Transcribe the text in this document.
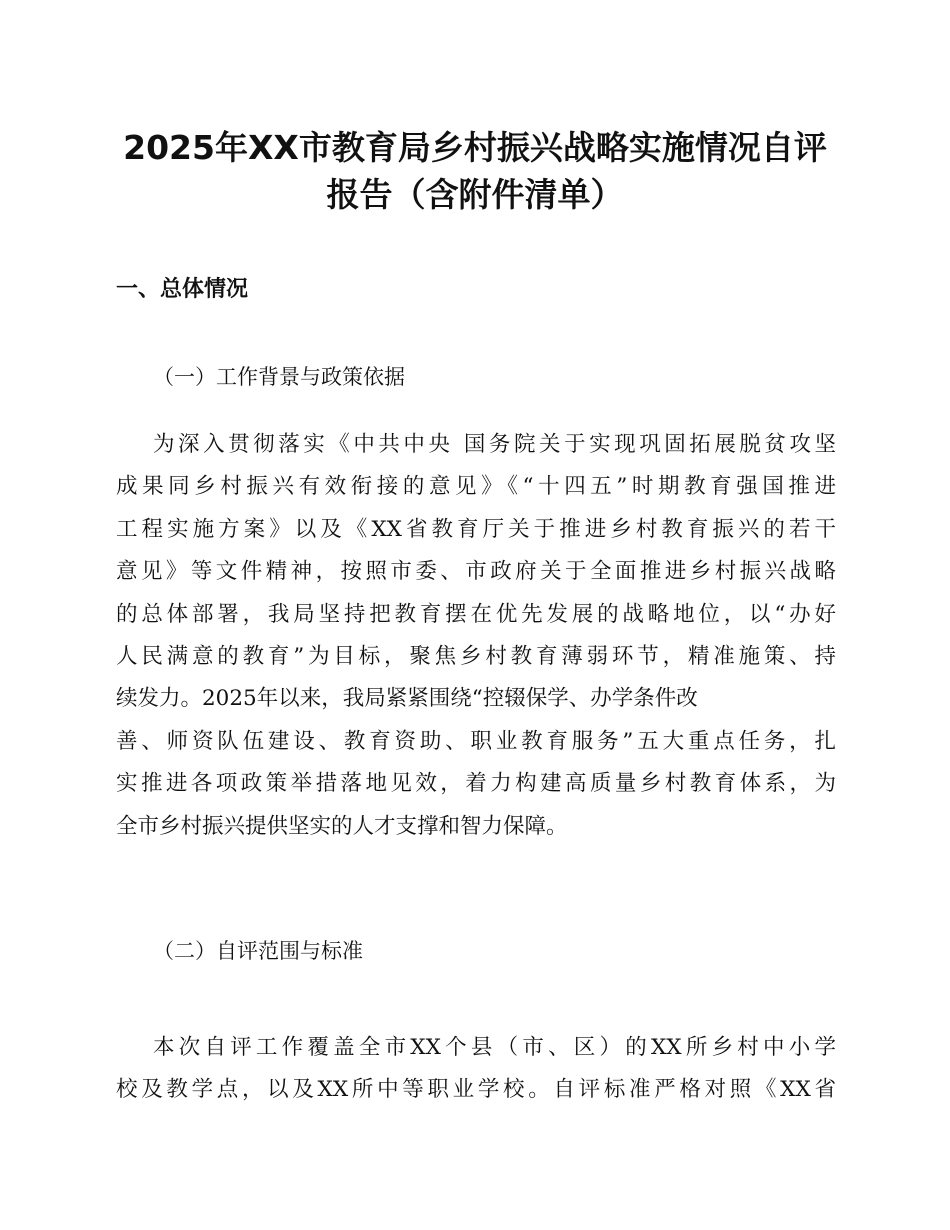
2025年XX市教育局乡村振兴战略实施情况自评
报告（含附件清单）
一、总体情况
（一）工作背景与政策依据
为深入贯彻落实《中共中央 国务院关于实现巩固拓展脱贫攻坚
成果同乡村振兴有效衔接的意见》《“十四五”时期教育强国推进
工程实施方案》以及《XX省教育厅关于推进乡村教育振兴的若干
意见》等文件精神，按照市委、市政府关于全面推进乡村振兴战略
的总体部署，我局坚持把教育摆在优先发展的战略地位，以“办好
人民满意的教育”为目标，聚焦乡村教育薄弱环节，精准施策、持
续发力。2025年以来，我局紧紧围绕“控辍保学、办学条件改
善、师资队伍建设、教育资助、职业教育服务”五大重点任务，扎
实推进各项政策举措落地见效，着力构建高质量乡村教育体系，为
全市乡村振兴提供坚实的人才支撑和智力保障。
（二）自评范围与标准
本次自评工作覆盖全市XX个县（市、区）的XX所乡村中小学
校及教学点，以及XX所中等职业学校。自评标准严格对照《XX省
